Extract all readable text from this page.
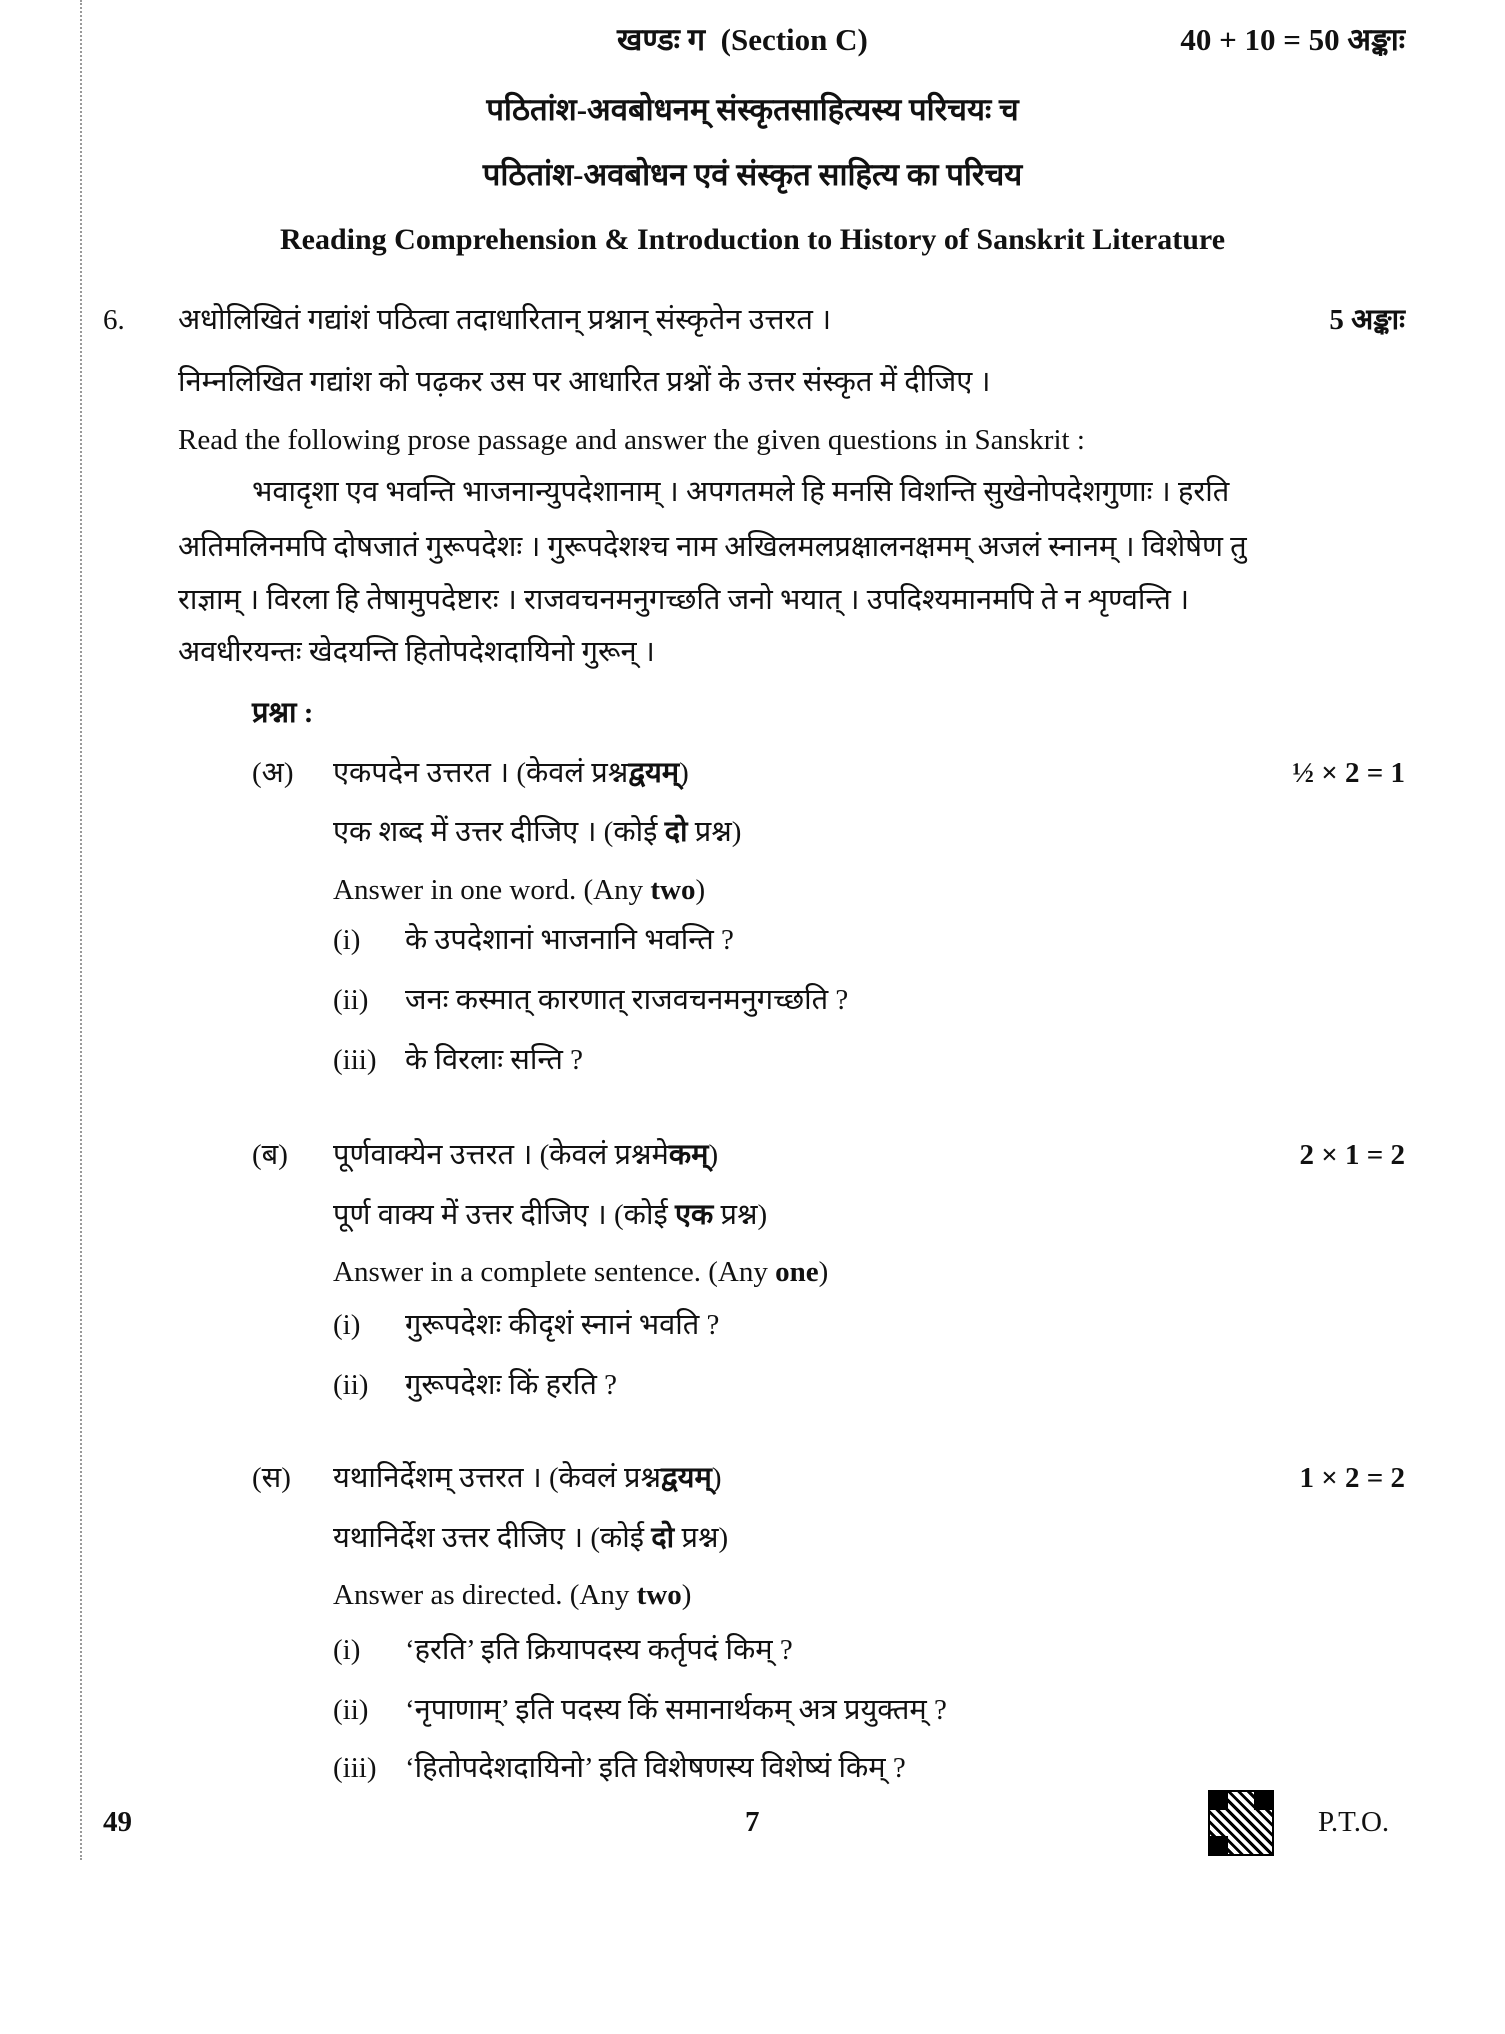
खण्डः ग (Section C)	40 + 10 = 50 अङ्काः
पठितांश-अवबोधनम् संस्कृतसाहित्यस्य परिचयः च
पठितांश-अवबोधन एवं संस्कृत साहित्य का परिचय
Reading Comprehension & Introduction to History of Sanskrit Literature
6. अधोलिखितं गद्यांशं पठित्वा तदाधारितान् प्रश्नान् संस्कृतेन उत्तरत ।	5 अङ्काः
निम्नलिखित गद्यांश को पढ़कर उस पर आधारित प्रश्नों के उत्तर संस्कृत में दीजिए ।
Read the following prose passage and answer the given questions in Sanskrit :
भवादृशा एव भवन्ति भाजनान्युपदेशानाम् । अपगतमले हि मनसि विशन्ति सुखेनोपदेशगुणाः । हरति
अतिमलिनमपि दोषजातं गुरूपदेशः । गुरूपदेशश्च नाम अखिलमलप्रक्षालनक्षमम् अजलं स्नानम् । विशेषेण तु
राज्ञाम् । विरला हि तेषामुपदेष्टारः । राजवचनमनुगच्छति जनो भयात् । उपदिश्यमानमपि ते न शृण्वन्ति ।
अवधीरयन्तः खेदयन्ति हितोपदेशदायिनो गुरून् ।
प्रश्ना :
(अ) एकपदेन उत्तरत । (केवलं प्रश्नद्वयम्)	½ × 2 = 1
एक शब्द में उत्तर दीजिए । (कोई दो प्रश्न)
Answer in one word. (Any two)
(i) के उपदेशानां भाजनानि भवन्ति ?
(ii) जनः कस्मात् कारणात् राजवचनमनुगच्छति ?
(iii) के विरलाः सन्ति ?
(ब) पूर्णवाक्येन उत्तरत । (केवलं प्रश्नमेकम्)	2 × 1 = 2
पूर्ण वाक्य में उत्तर दीजिए । (कोई एक प्रश्न)
Answer in a complete sentence. (Any one)
(i) गुरूपदेशः कीदृशं स्नानं भवति ?
(ii) गुरूपदेशः किं हरति ?
(स) यथानिर्देशम् उत्तरत । (केवलं प्रश्नद्वयम्)	1 × 2 = 2
यथानिर्देश उत्तर दीजिए । (कोई दो प्रश्न)
Answer as directed. (Any two)
(i) ‘हरति’ इति क्रियापदस्य कर्तृपदं किम् ?
(ii) ‘नृपाणाम्’ इति पदस्य किं समानार्थकम् अत्र प्रयुक्तम् ?
(iii) ‘हितोपदेशदायिनो’ इति विशेषणस्य विशेष्यं किम् ?
49	7	P.T.O.
